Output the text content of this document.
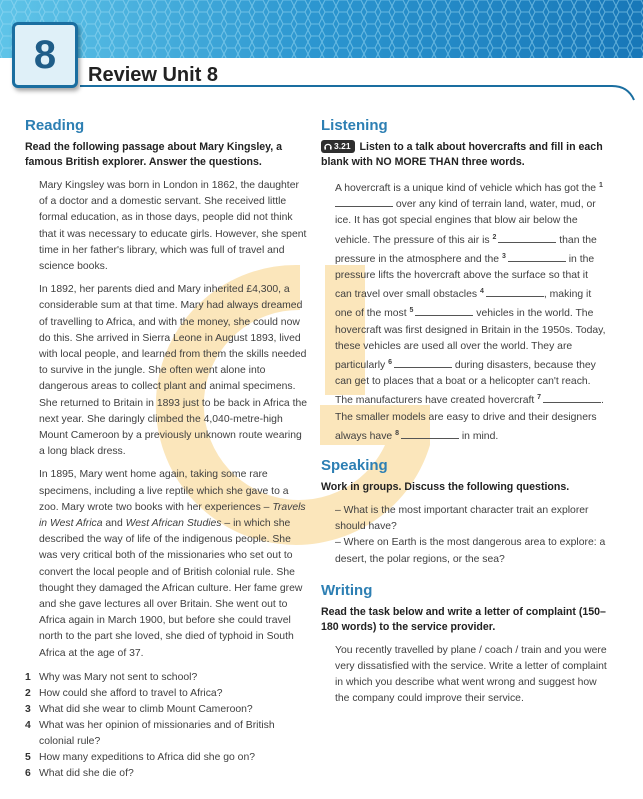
8 Review Unit 8
Reading

Read the following passage about Mary Kingsley, a famous British explorer. Answer the questions.

Mary Kingsley was born in London in 1862, the daughter of a doctor and a domestic servant. She received little formal education, as in those days, people did not think that it was necessary to educate girls. However, she spent time in her father's library, which was full of travel and science books.

In 1892, her parents died and Mary inherited £4,300, a considerable sum at that time. Mary had always dreamed of travelling to Africa, and with the money, she could now do this. She arrived in Sierra Leone in August 1893, lived with local people, and learned from them the skills needed to survive in the jungle. She often went alone into dangerous areas to collect plant and animal specimens. She returned to Britain in 1893 just to be back in Africa the next year. She daringly climbed the 4,040-metre-high Mount Cameroon by a previously unknown route wearing a long black dress.

In 1895, Mary went home again, taking some rare specimens, including a live reptile which she gave to a zoo. Mary wrote two books with her experiences – Travels in West Africa and West African Studies – in which she described the way of life of the indigenous people. She was very critical both of the missionaries who set out to convert the local people and of British colonial rule. She thought they damaged the African culture. Her fame grew and she gave lectures all over Britain. She went out to Africa again in March 1900, but before she could travel north to the part she loved, she died of typhoid in South Africa at the age of 37.

1 Why was Mary not sent to school?
2 How could she afford to travel to Africa?
3 What did she wear to climb Mount Cameroon?
4 What was her opinion of missionaries and of British colonial rule?
5 How many expeditions to Africa did she go on?
6 What did she die of?
Listening

3.21 Listen to a talk about hovercrafts and fill in each blank with NO MORE THAN three words.

A hovercraft is a unique kind of vehicle which has got the $^1$ over any kind of terrain land, water, mud, or ice. It has got special engines that blow air below the vehicle. The pressure of this air is $^2$	than the pressure in the atmosphere and the $^3$	in the pressure lifts the hovercraft above the surface so that it can travel over small obstacles $^4$	, making it one of the most $^5$	vehicles in the world. The hovercraft was first designed in Britain in the 1950s. Today, these vehicles are used all over the world. They are particularly $^6$	during disasters, because they can get to places that a boat or a helicopter can't reach. The manufacturers have created hovercraft $^7$	. The smaller models are easy to drive and their designers always have $^8$	in mind.

Speaking

Work in groups. Discuss the following questions.

– What is the most important character trait an explorer should have?

– Where on Earth is the most dangerous area to explore: a desert, the polar regions, or the sea?

Writing

Read the task below and write a letter of complaint (150–180 words) to the service provider.

You recently travelled by plane / coach / train and you were very dissatisfied with the service. Write a letter of complaint in which you describe what went wrong and suggest how the company could improve their service.
